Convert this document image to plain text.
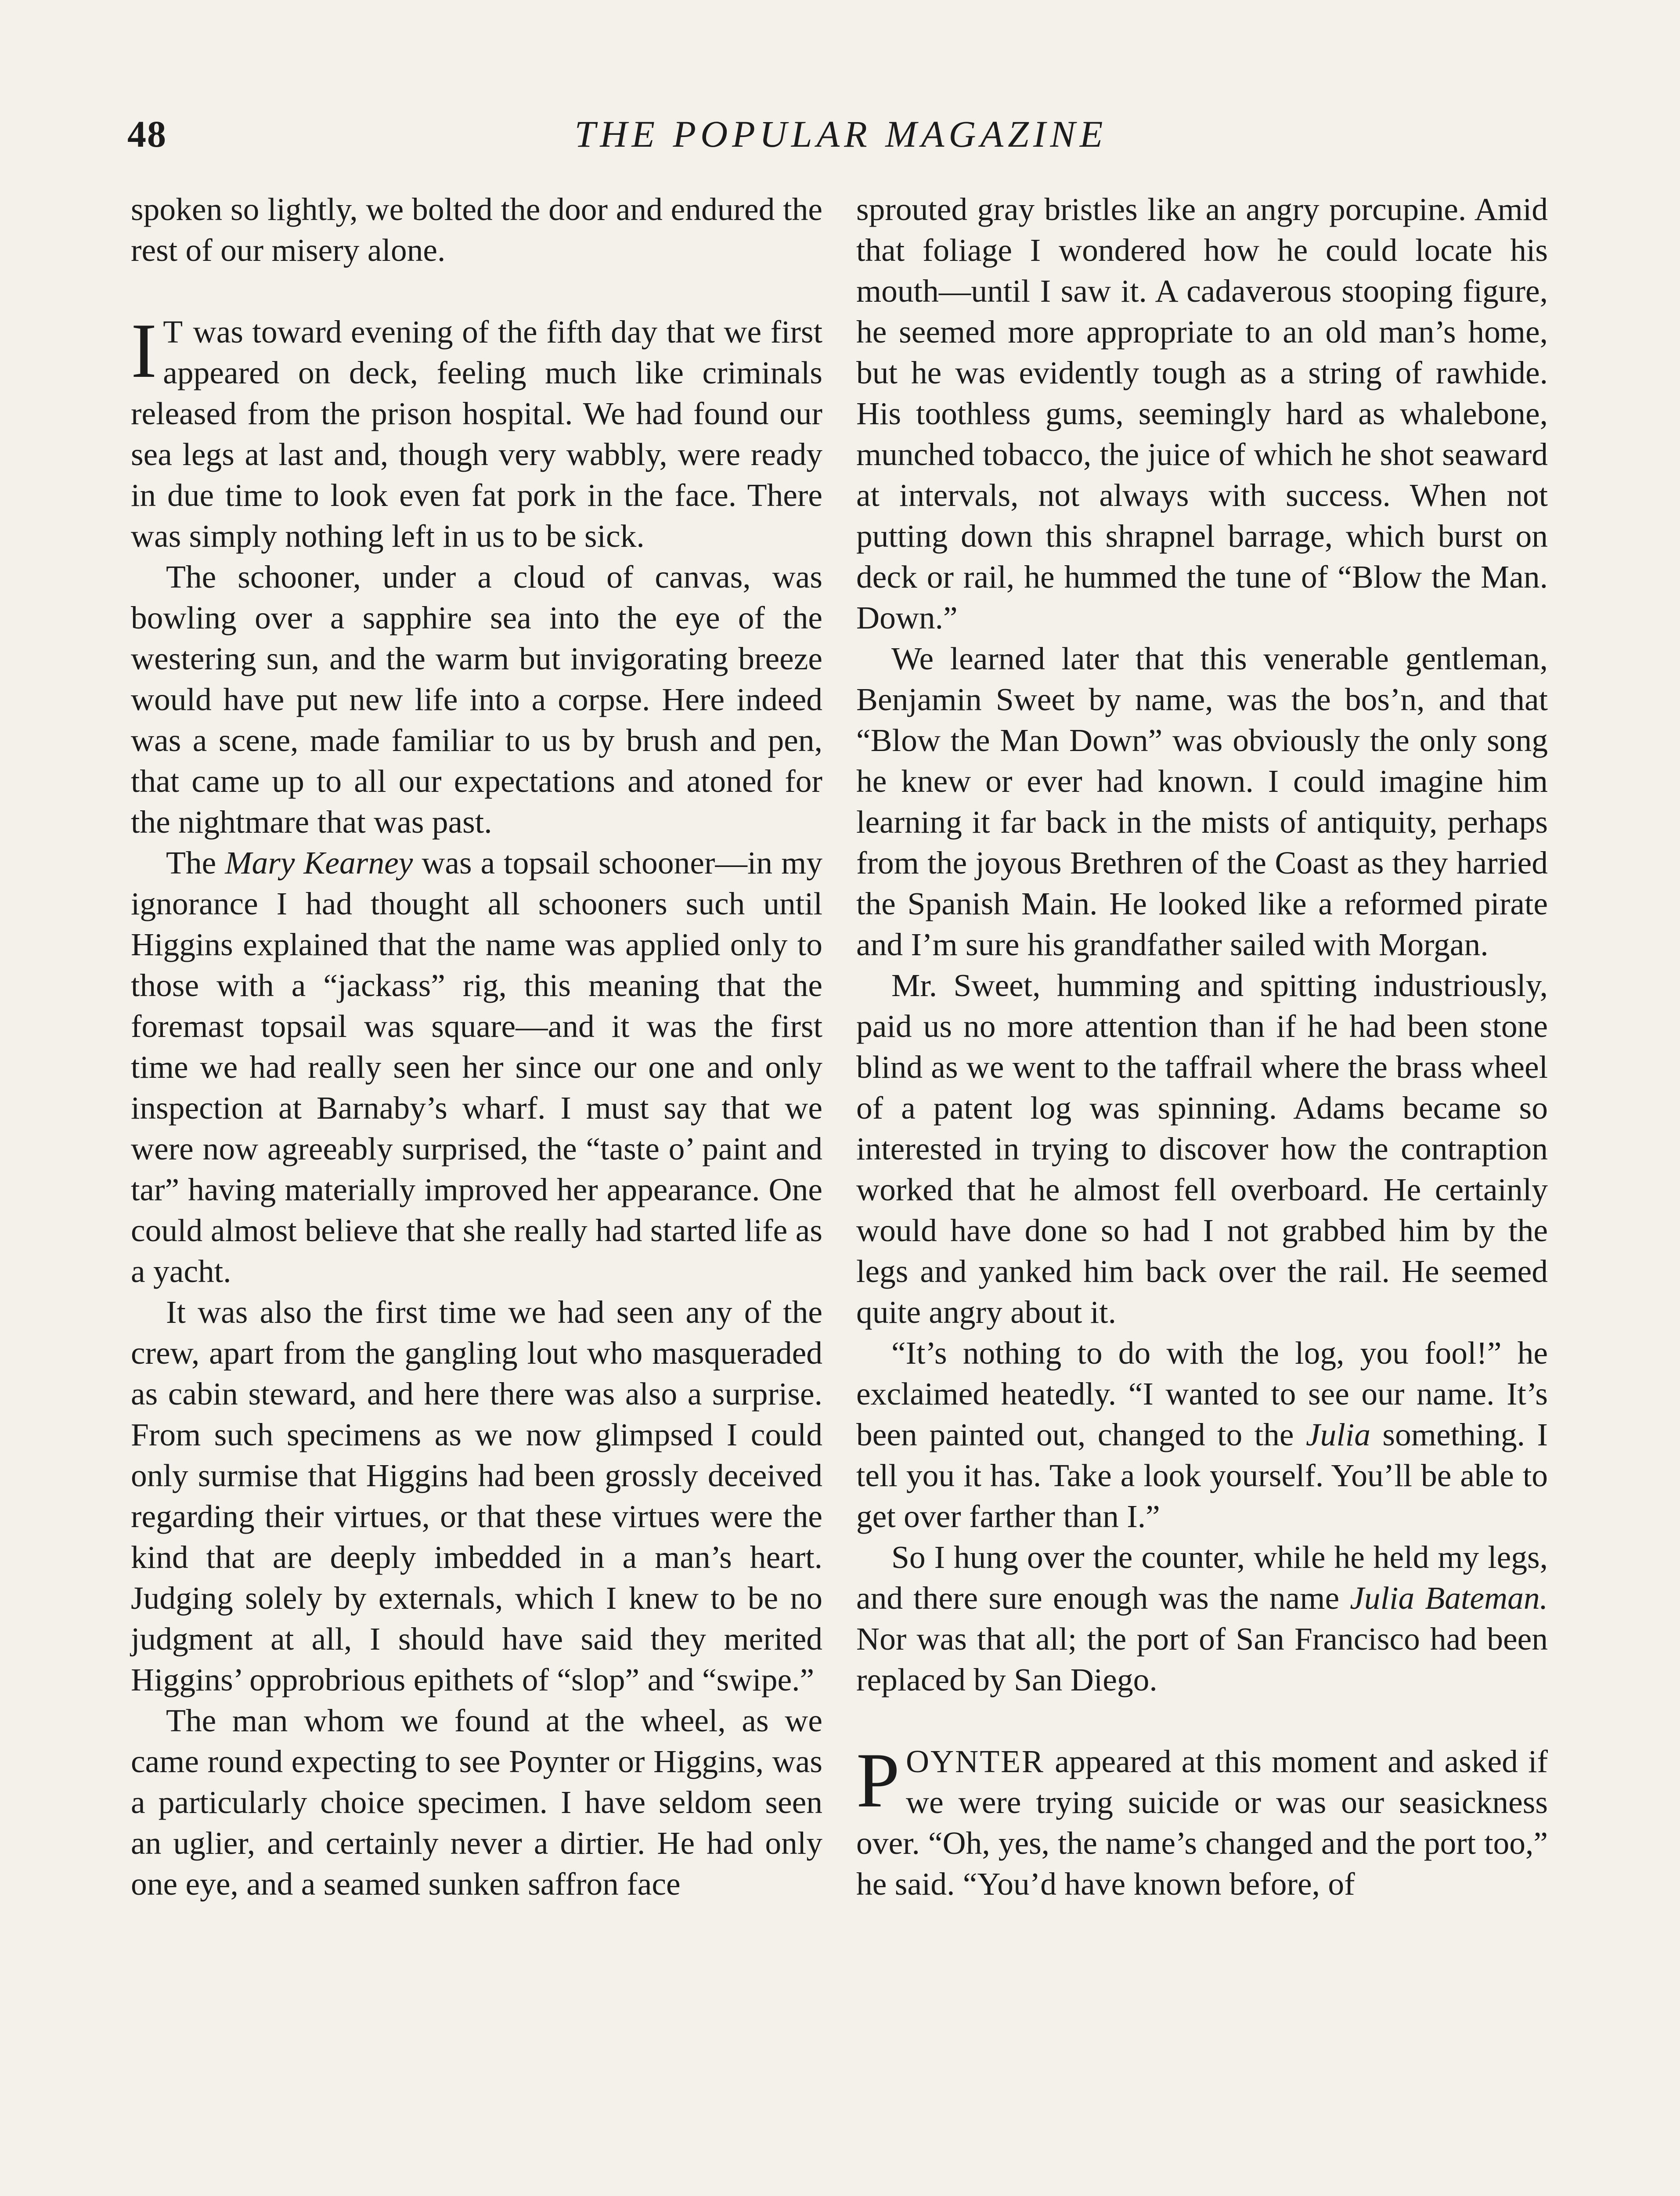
48	THE POPULAR MAGAZINE

spoken so lightly, we bolted the door and endured the rest of our misery alone.

I T was toward evening of the fifth day that we first appeared on deck, feeling much like criminals released from the prison hospital. We had found our sea legs at last and, though very wabbly, were ready in due time to look even fat pork in the face. There was simply nothing left in us to be sick.

The schooner, under a cloud of canvas, was bowling over a sapphire sea into the eye of the westering sun, and the warm but invigorating breeze would have put new life into a corpse. Here indeed was a scene, made familiar to us by brush and pen, that came up to all our expectations and atoned for the nightmare that was past.

The Mary Kearney was a topsail schooner—in my ignorance I had thought all schooners such until Higgins explained that the name was applied only to those with a “jackass” rig, this meaning that the foremast topsail was square—and it was the first time we had really seen her since our one and only inspection at Barnaby’s wharf. I must say that we were now agreeably surprised, the “taste o’ paint and tar” having materially improved her appearance. One could almost believe that she really had started life as a yacht.

It was also the first time we had seen any of the crew, apart from the gangling lout who masqueraded as cabin steward, and here there was also a surprise. From such specimens as we now glimpsed I could only surmise that Higgins had been grossly deceived regarding their virtues, or that these virtues were the kind that are deeply imbedded in a man’s heart. Judging solely by externals, which I knew to be no judgment at all, I should have said they merited Higgins’ opprobrious epithets of “slop” and “swipe.”

The man whom we found at the wheel, as we came round expecting to see Poynter or Higgins, was a particularly choice specimen. I have seldom seen an uglier, and certainly never a dirtier. He had only one eye, and a seamed sunken saffron face

sprouted gray bristles like an angry porcupine. Amid that foliage I wondered how he could locate his mouth—until I saw it. A cadaverous stooping figure, he seemed more appropriate to an old man’s home, but he was evidently tough as a string of rawhide. His toothless gums, seemingly hard as whalebone, munched tobacco, the juice of which he shot seaward at intervals, not always with success. When not putting down this shrapnel barrage, which burst on deck or rail, he hummed the tune of “Blow the Man. Down.”

We learned later that this venerable gentleman, Benjamin Sweet by name, was the bos’n, and that “Blow the Man Down” was obviously the only song he knew or ever had known. I could imagine him learning it far back in the mists of antiquity, perhaps from the joyous Brethren of the Coast as they harried the Spanish Main. He looked like a reformed pirate and I’m sure his grandfather sailed with Morgan.

Mr. Sweet, humming and spitting industriously, paid us no more attention than if he had been stone blind as we went to the taffrail where the brass wheel of a patent log was spinning. Adams became so interested in trying to discover how the contraption worked that he almost fell overboard. He certainly would have done so had I not grabbed him by the legs and yanked him back over the rail. He seemed quite angry about it.

“It’s nothing to do with the log, you fool!” he exclaimed heatedly. “I wanted to see our name. It’s been painted out, changed to the Julia something. I tell you it has. Take a look yourself. You’ll be able to get over farther than I.”

So I hung over the counter, while he held my legs, and there sure enough was the name Julia Bateman. Nor was that all; the port of San Francisco had been replaced by San Diego.

POYNTER appeared at this moment and asked if we were trying suicide or was our seasickness over. “Oh, yes, the name’s changed and the port too,” he said. “You’d have known before, of
